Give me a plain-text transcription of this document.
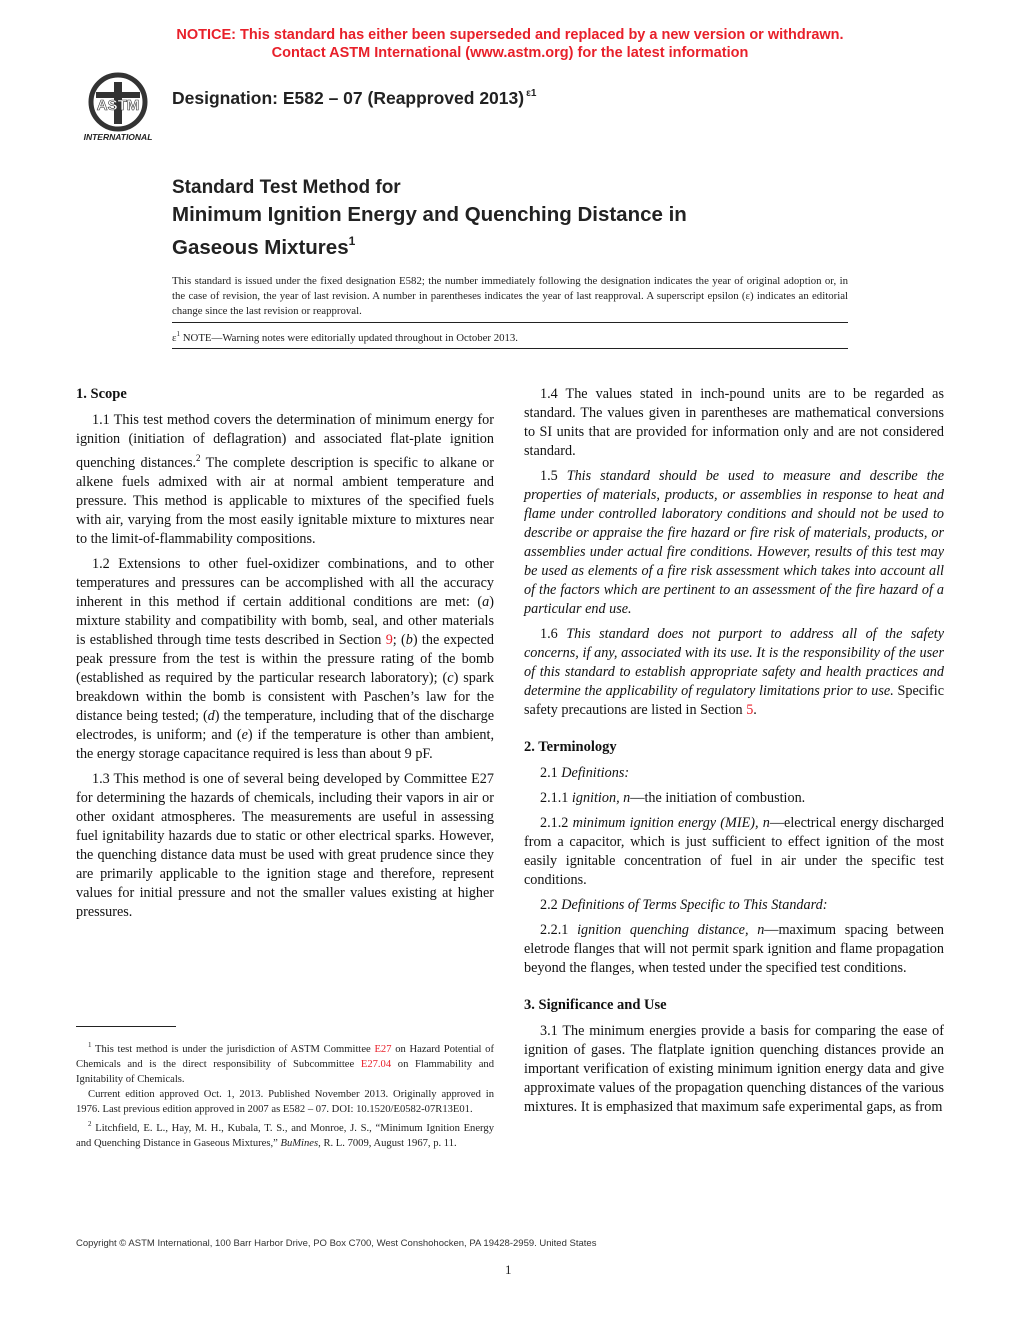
NOTICE: This standard has either been superseded and replaced by a new version or withdrawn.
Contact ASTM International (www.astm.org) for the latest information
ASTM
INTERNATIONAL
Designation: E582 – 07 (Reapproved 2013) $^{\varepsilon 1}$
Standard Test Method for
Minimum Ignition Energy and Quenching Distance in
Gaseous Mixtures$^1$
This standard is issued under the fixed designation E582; the number immediately following the designation indicates the year of original adoption or, in the case of revision, the year of last revision. A number in parentheses indicates the year of last reapproval. A superscript epsilon (ε) indicates an editorial change since the last revision or reapproval.
$\varepsilon^1$ NOTE—Warning notes were editorially updated throughout in October 2013.
1. Scope

1.1 This test method covers the determination of minimum energy for ignition (initiation of deflagration) and associated flat-plate ignition quenching distances.$^2$ The complete description is specific to alkane or alkene fuels admixed with air at normal ambient temperature and pressure. This method is applicable to mixtures of the specified fuels with air, varying from the most easily ignitable mixture to mixtures near to the limit-of-flammability compositions.

1.2 Extensions to other fuel-oxidizer combinations, and to other temperatures and pressures can be accomplished with all the accuracy inherent in this method if certain additional conditions are met: (a) mixture stability and compatibility with bomb, seal, and other materials is established through time tests described in Section 9; (b) the expected peak pressure from the test is within the pressure rating of the bomb (established as required by the particular research laboratory); (c) spark breakdown within the bomb is consistent with Paschen’s law for the distance being tested; (d) the temperature, including that of the discharge electrodes, is uniform; and (e) if the temperature is other than ambient, the energy storage capacitance required is less than about 9 pF.

1.3 This method is one of several being developed by Committee E27 for determining the hazards of chemicals, including their vapors in air or other oxidant atmospheres. The measurements are useful in assessing fuel ignitability hazards due to static or other electrical sparks. However, the quenching distance data must be used with great prudence since they are primarily applicable to the ignition stage and therefore, represent values for initial pressure and not the smaller values existing at higher pressures.

$^1$ This test method is under the jurisdiction of ASTM Committee E27 on Hazard Potential of Chemicals and is the direct responsibility of Subcommittee E27.04 on Flammability and Ignitability of Chemicals.

Current edition approved Oct. 1, 2013. Published November 2013. Originally approved in 1976. Last previous edition approved in 2007 as E582 – 07. DOI: 10.1520/E0582-07R13E01.

$^2$ Litchfield, E. L., Hay, M. H., Kubala, T. S., and Monroe, J. S., “Minimum Ignition Energy and Quenching Distance in Gaseous Mixtures,” BuMines, R. L. 7009, August 1967, p. 11.

1.4 The values stated in inch-pound units are to be regarded as standard. The values given in parentheses are mathematical conversions to SI units that are provided for information only and are not considered standard.

1.5 This standard should be used to measure and describe the properties of materials, products, or assemblies in response to heat and flame under controlled laboratory conditions and should not be used to describe or appraise the fire hazard or fire risk of materials, products, or assemblies under actual fire conditions. However, results of this test may be used as elements of a fire risk assessment which takes into account all of the factors which are pertinent to an assessment of the fire hazard of a particular end use.

1.6 This standard does not purport to address all of the safety concerns, if any, associated with its use. It is the responsibility of the user of this standard to establish appropriate safety and health practices and determine the applicability of regulatory limitations prior to use. Specific safety precautions are listed in Section 5.

2. Terminology

2.1 Definitions:

2.1.1 ignition, n—the initiation of combustion.

2.1.2 minimum ignition energy (MIE), n—electrical energy discharged from a capacitor, which is just sufficient to effect ignition of the most easily ignitable concentration of fuel in air under the specific test conditions.

2.2 Definitions of Terms Specific to This Standard:

2.2.1 ignition quenching distance, n—maximum spacing between eletrode flanges that will not permit spark ignition and flame propagation beyond the flanges, when tested under the specified test conditions.

3. Significance and Use

3.1 The minimum energies provide a basis for comparing the ease of ignition of gases. The flatplate ignition quenching distances provide an important verification of existing minimum ignition energy data and give approximate values of the propagation quenching distances of the various mixtures. It is emphasized that maximum safe experimental gaps, as from

Copyright © ASTM International, 100 Barr Harbor Drive, PO Box C700, West Conshohocken, PA 19428-2959. United States
1
